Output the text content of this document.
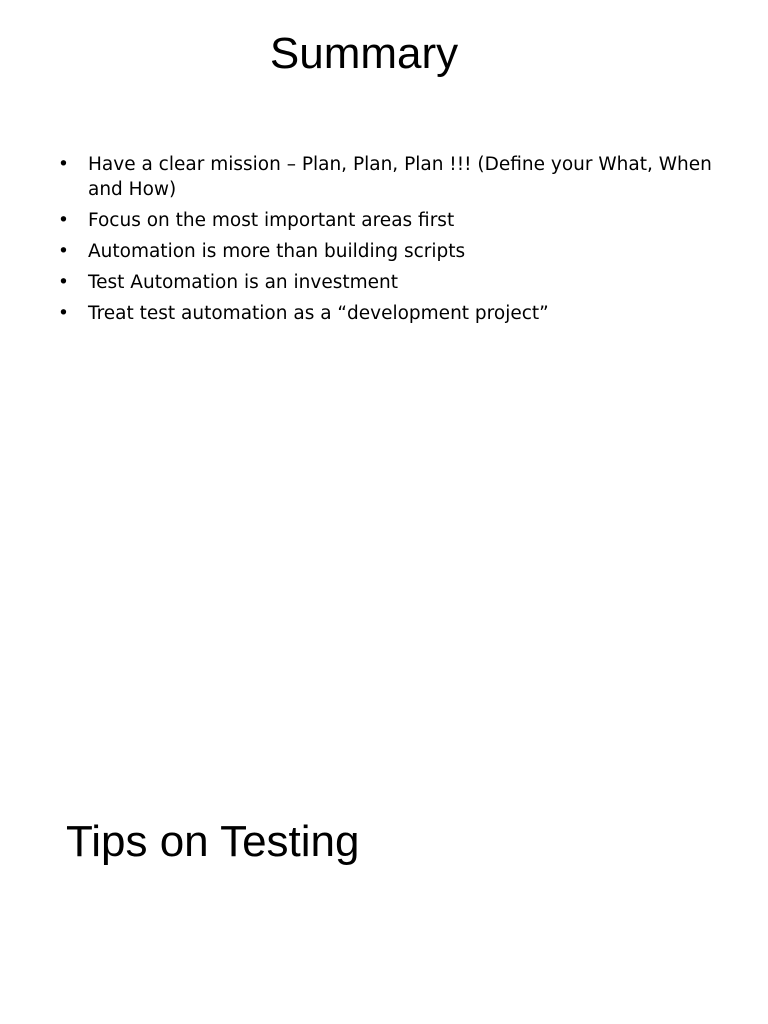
Summary
• Have a clear mission – Plan, Plan, Plan !!! (Define your What, When and How)
• Focus on the most important areas first
• Automation is more than building scripts
• Test Automation is an investment
• Treat test automation as a “development project”
Tips on Testing
